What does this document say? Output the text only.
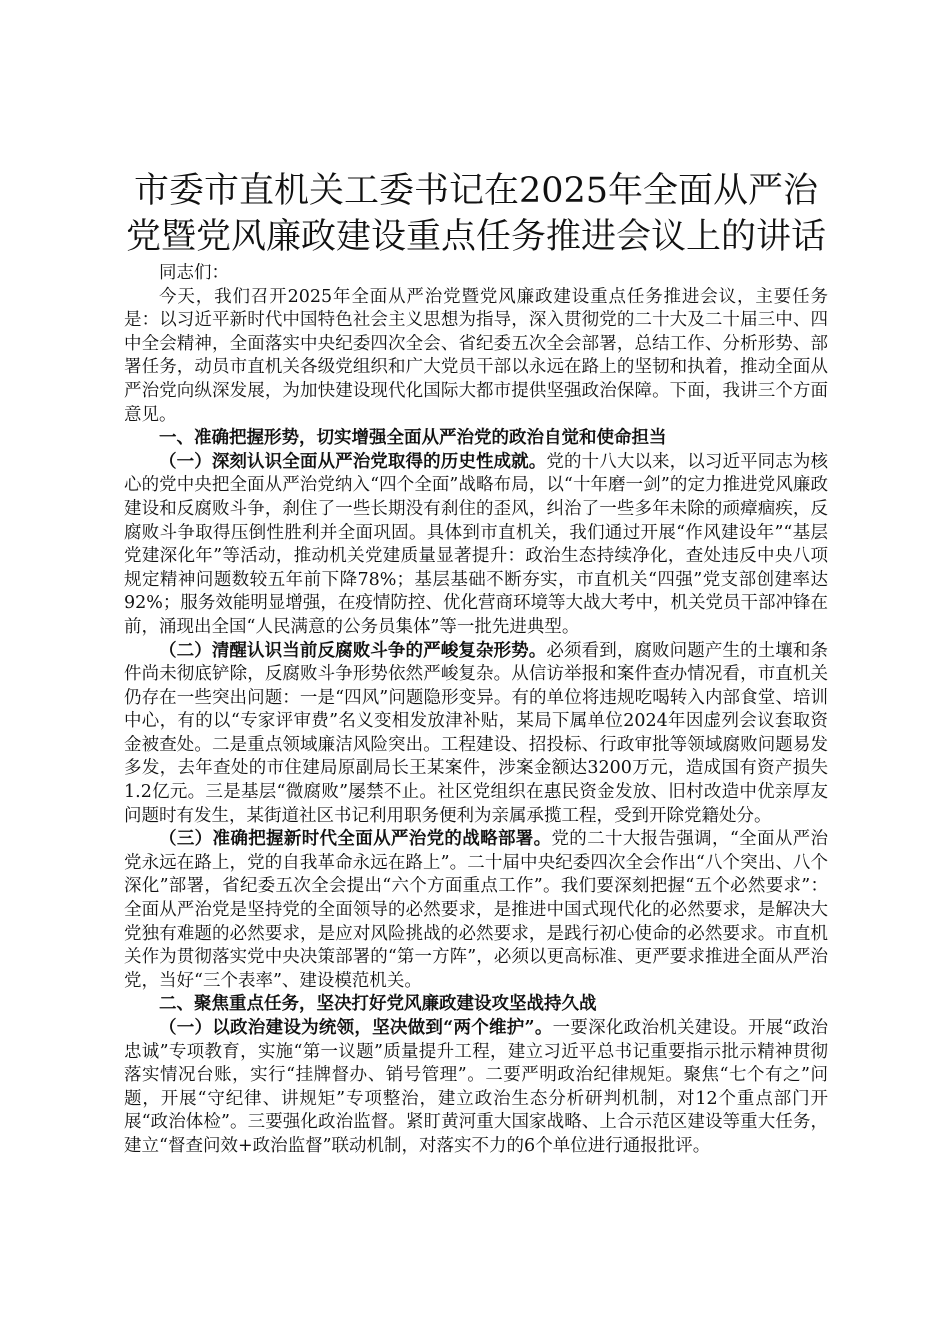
市委市直机关工委书记在2025年全面从严治
党暨党风廉政建设重点任务推进会议上的讲话

同志们：

今天，我们召开2025年全面从严治党暨党风廉政建设重点任务推进会议，主要任务是：以习近平新时代中国特色社会主义思想为指导，深入贯彻党的二十大及二十届三中、四中全会精神，全面落实中央纪委四次全会、省纪委五次全会部署，总结工作、分析形势、部署任务，动员市直机关各级党组织和广大党员干部以永远在路上的坚韧和执着，推动全面从严治党向纵深发展，为加快建设现代化国际大都市提供坚强政治保障。下面，我讲三个方面意见。

一、准确把握形势，切实增强全面从严治党的政治自觉和使命担当

（一）深刻认识全面从严治党取得的历史性成就。党的十八大以来，以习近平同志为核心的党中央把全面从严治党纳入“四个全面”战略布局，以“十年磨一剑”的定力推进党风廉政建设和反腐败斗争，刹住了一些长期没有刹住的歪风，纠治了一些多年未除的顽瘴痼疾，反腐败斗争取得压倒性胜利并全面巩固。具体到市直机关，我们通过开展“作风建设年”“基层党建深化年”等活动，推动机关党建质量显著提升：政治生态持续净化，查处违反中央八项规定精神问题数较五年前下降78%；基层基础不断夯实，市直机关“四强”党支部创建率达92%；服务效能明显增强，在疫情防控、优化营商环境等大战大考中，机关党员干部冲锋在前，涌现出全国“人民满意的公务员集体”等一批先进典型。

（二）清醒认识当前反腐败斗争的严峻复杂形势。必须看到，腐败问题产生的土壤和条件尚未彻底铲除，反腐败斗争形势依然严峻复杂。从信访举报和案件查办情况看，市直机关仍存在一些突出问题：一是“四风”问题隐形变异。有的单位将违规吃喝转入内部食堂、培训中心，有的以“专家评审费”名义变相发放津补贴，某局下属单位2024年因虚列会议套取资金被查处。二是重点领域廉洁风险突出。工程建设、招投标、行政审批等领域腐败问题易发多发，去年查处的市住建局原副局长王某案件，涉案金额达3200万元，造成国有资产损失1.2亿元。三是基层“微腐败”屡禁不止。社区党组织在惠民资金发放、旧村改造中优亲厚友问题时有发生，某街道社区书记利用职务便利为亲属承揽工程，受到开除党籍处分。

（三）准确把握新时代全面从严治党的战略部署。党的二十大报告强调，“全面从严治党永远在路上，党的自我革命永远在路上”。二十届中央纪委四次全会作出“八个突出、八个深化”部署，省纪委五次全会提出“六个方面重点工作”。我们要深刻把握“五个必然要求”：全面从严治党是坚持党的全面领导的必然要求，是推进中国式现代化的必然要求，是解决大党独有难题的必然要求，是应对风险挑战的必然要求，是践行初心使命的必然要求。市直机关作为贯彻落实党中央决策部署的“第一方阵”，必须以更高标准、更严要求推进全面从严治党，当好“三个表率”、建设模范机关。

二、聚焦重点任务，坚决打好党风廉政建设攻坚战持久战

（一）以政治建设为统领，坚决做到“两个维护”。一要深化政治机关建设。开展“政治忠诚”专项教育，实施“第一议题”质量提升工程，建立习近平总书记重要指示批示精神贯彻落实情况台账，实行“挂牌督办、销号管理”。二要严明政治纪律规矩。聚焦“七个有之”问题，开展“守纪律、讲规矩”专项整治，建立政治生态分析研判机制，对12个重点部门开展“政治体检”。三要强化政治监督。紧盯黄河重大国家战略、上合示范区建设等重大任务，建立“督查问效+政治监督”联动机制，对落实不力的6个单位进行通报批评。
